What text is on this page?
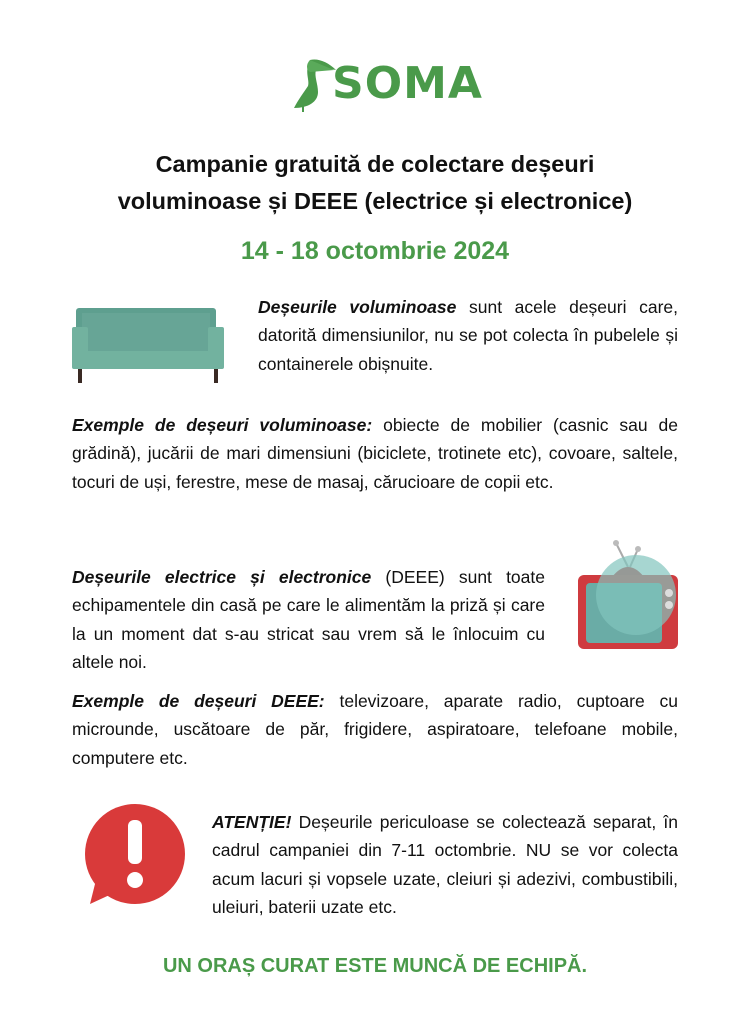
SOMA
Campanie gratuită de colectare deșeuri
voluminoase și DEEE (electrice și electronice)
14 - 18 octombrie 2024
Deșeurile voluminoase sunt acele deșeuri care, datorită dimensiunilor, nu se pot colecta în pubelele și containerele obișnuite.
Exemple de deșeuri voluminoase: obiecte de mobilier (casnic sau de grădină), jucării de mari dimensiuni (biciclete, trotinete etc), covoare, saltele, tocuri de uși, ferestre, mese de masaj, cărucioare de copii etc.
Deșeurile electrice și electronice (DEEE) sunt toate echipamentele din casă pe care le alimentăm la priză și care la un moment dat s-au stricat sau vrem să le înlocuim cu altele noi.
Exemple de deșeuri DEEE: televizoare, aparate radio, cuptoare cu microunde, uscătoare de păr, frigidere, aspiratoare, telefoane mobile, computere etc.
ATENȚIE! Deșeurile periculoase se colectează separat, în cadrul campaniei din 7-11 octombrie. NU se vor colecta acum lacuri și vopsele uzate, cleiuri și adezivi, combustibili, uleiuri, baterii uzate etc.
UN ORAȘ CURAT ESTE MUNCĂ DE ECHIPĂ.
